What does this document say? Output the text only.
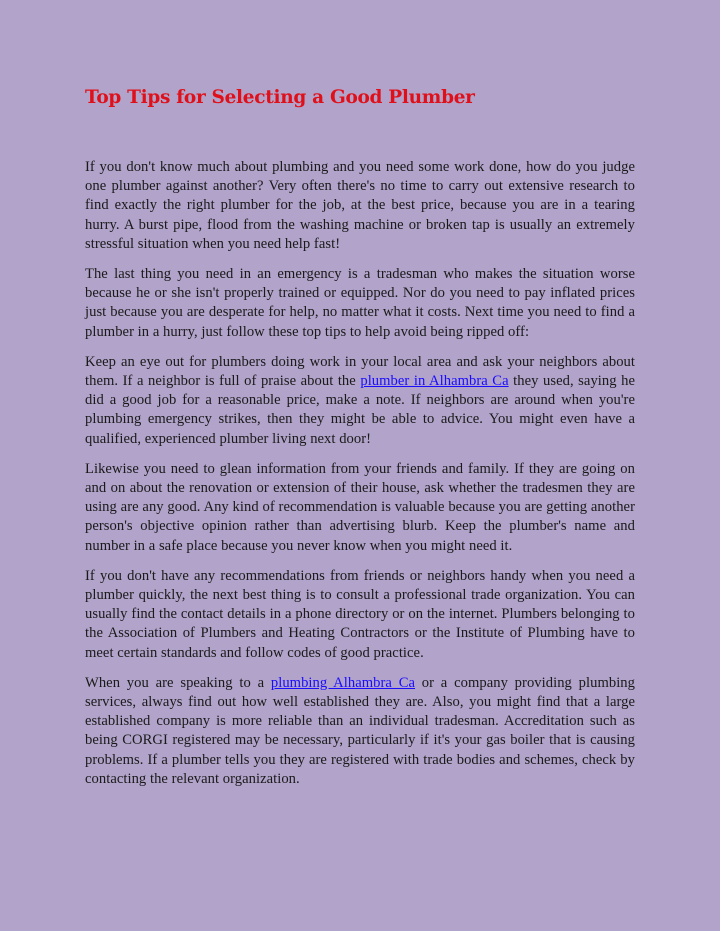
Top Tips for Selecting a Good Plumber

If you don't know much about plumbing and you need some work done, how do you judge one plumber against another? Very often there's no time to carry out extensive research to find exactly the right plumber for the job, at the best price, because you are in a tearing hurry. A burst pipe, flood from the washing machine or broken tap is usually an extremely stressful situation when you need help fast!

The last thing you need in an emergency is a tradesman who makes the situation worse because he or she isn't properly trained or equipped. Nor do you need to pay inflated prices just because you are desperate for help, no matter what it costs. Next time you need to find a plumber in a hurry, just follow these top tips to help avoid being ripped off:

Keep an eye out for plumbers doing work in your local area and ask your neighbors about them. If a neighbor is full of praise about the plumber in Alhambra Ca they used, saying he did a good job for a reasonable price, make a note. If neighbors are around when you're plumbing emergency strikes, then they might be able to advice. You might even have a qualified, experienced plumber living next door!

Likewise you need to glean information from your friends and family. If they are going on and on about the renovation or extension of their house, ask whether the tradesmen they are using are any good. Any kind of recommendation is valuable because you are getting another person's objective opinion rather than advertising blurb. Keep the plumber's name and number in a safe place because you never know when you might need it.

If you don't have any recommendations from friends or neighbors handy when you need a plumber quickly, the next best thing is to consult a professional trade organization. You can usually find the contact details in a phone directory or on the internet. Plumbers belonging to the Association of Plumbers and Heating Contractors or the Institute of Plumbing have to meet certain standards and follow codes of good practice.

When you are speaking to a plumbing Alhambra Ca or a company providing plumbing services, always find out how well established they are. Also, you might find that a large established company is more reliable than an individual tradesman. Accreditation such as being CORGI registered may be necessary, particularly if it's your gas boiler that is causing problems. If a plumber tells you they are registered with trade bodies and schemes, check by contacting the relevant organization.
